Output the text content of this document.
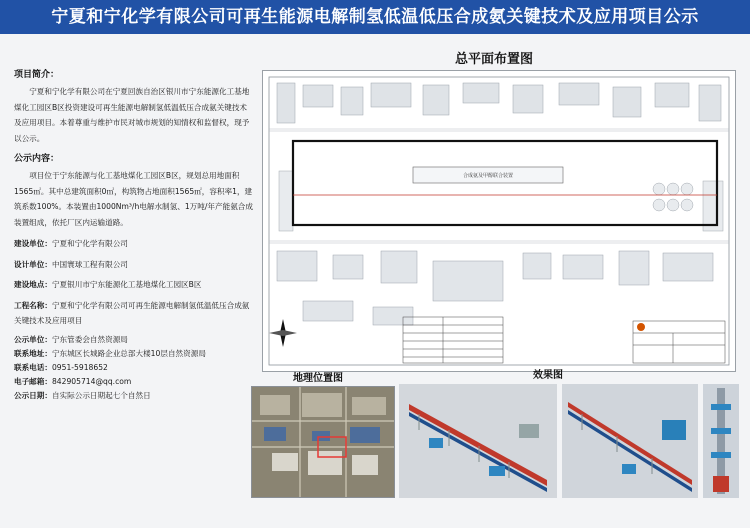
宁夏和宁化学有限公司可再生能源电解制氢低温低压合成氨关键技术及应用项目公示

项目简介：

宁夏和宁化学有限公司在宁夏回族自治区银川市宁东能源化工基地煤化工园区B区投资建设可再生能源电解制氢低温低压合成氨关键技术及应用项目。本着尊重与维护市民对城市规划的知情权和监督权，现予以公示。

公示内容：

项目位于宁东能源与化工基地煤化工园区B区，规划总用地面积1565㎡。其中总建筑面积0㎡，构筑物占地面积1565㎡，容积率1，建筑系数100%。本装置由1000Nm³/h电解水制氢、1万吨/年产能氨合成装置组成，依托厂区内运输道路。

建设单位：宁夏和宁化学有限公司

设计单位：中国寰球工程有限公司

建设地点：宁夏银川市宁东能源化工基地煤化工园区B区

工程名称：宁夏和宁化学有限公司可再生能源电解制氢低温低压合成氨关键技术及应用项目

公示单位：宁东管委会自然资源局

联系地址：宁东城区长城路企业总部大楼10层自然资源局

联系电话：0951-5918652

电子邮箱：842905714@qq.com

公示日期：自实际公示日期起七个自然日

总平面布置图
合成氨及甲醇联合装置
地理位置图	效果图
